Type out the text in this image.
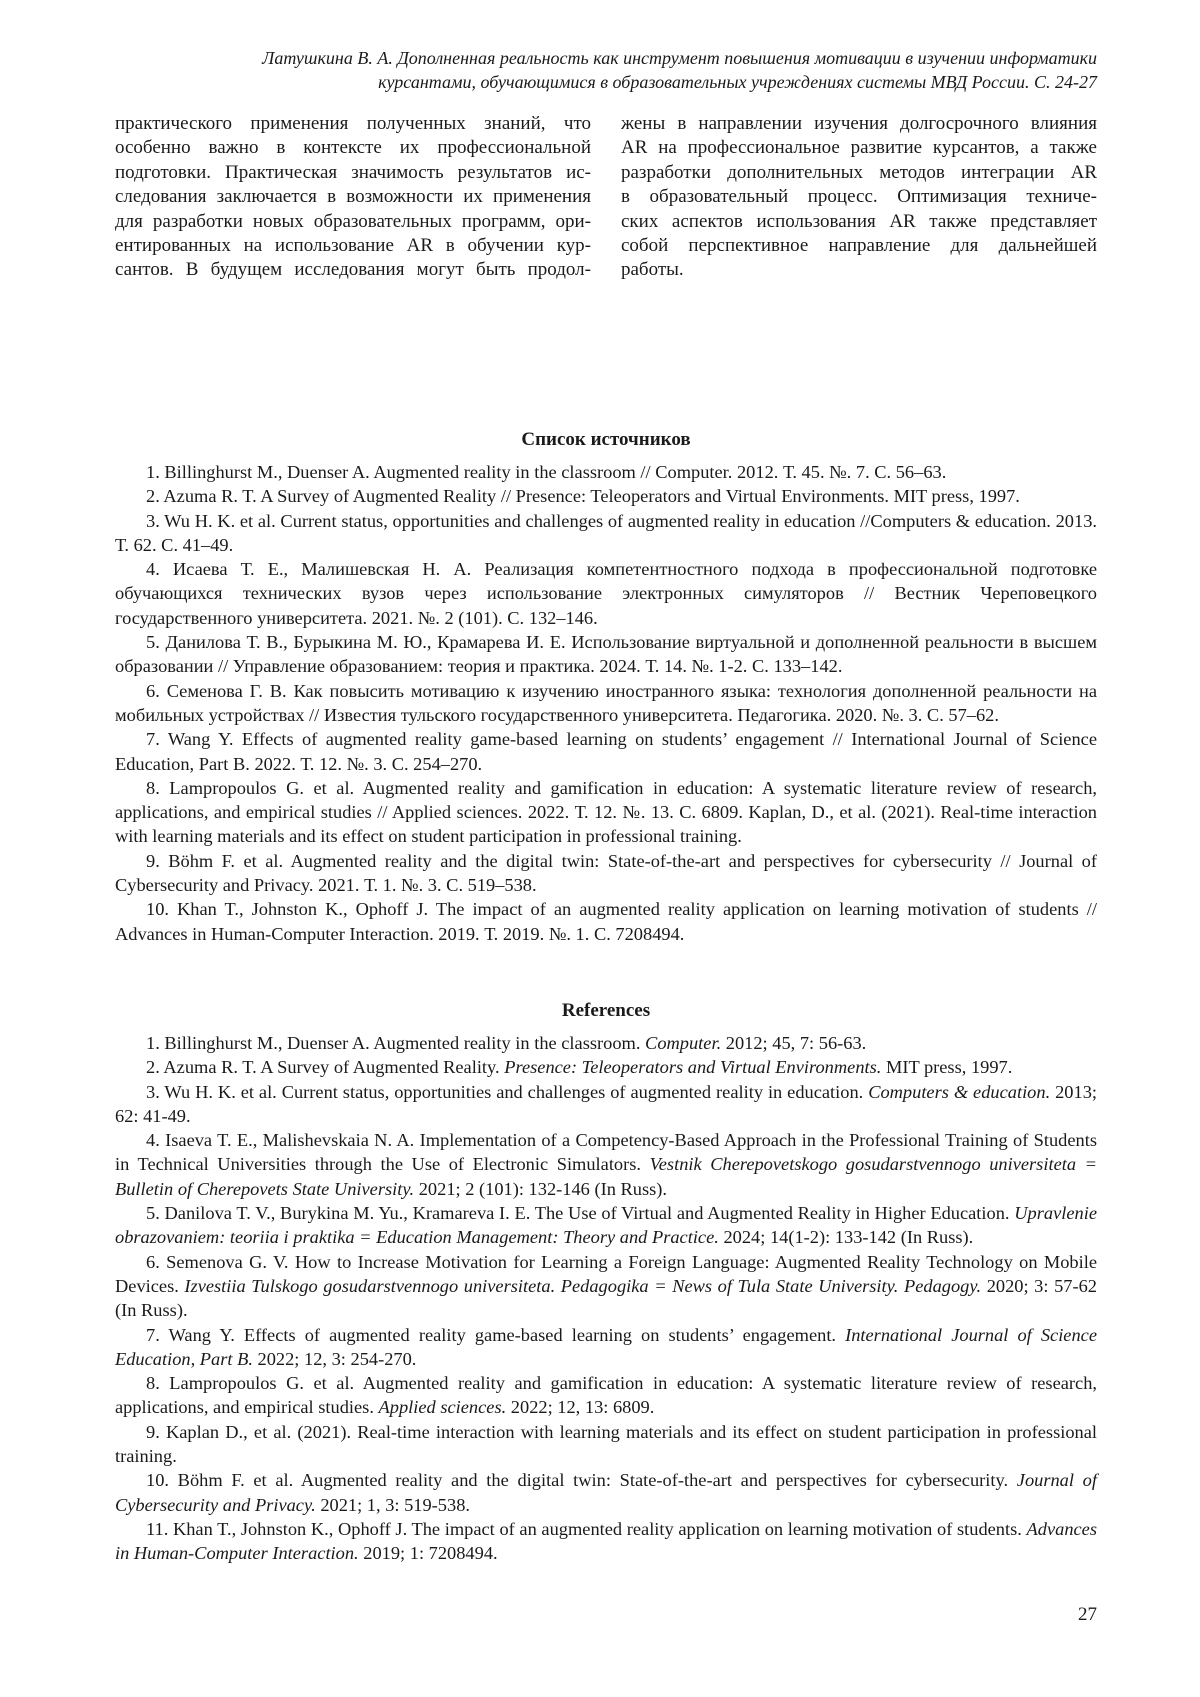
Латушкина В. А. Дополненная реальность как инструмент повышения мотивации в изучении информатики
курсантами, обучающимися в образовательных учреждениях системы МВД России. С. 24-27
практического применения полученных знаний, что
особенно важно в контексте их профессиональной
подготовки. Практическая значимость результатов ис-
следования заключается в возможности их применения
для разработки новых образовательных программ, ори-
ентированных на использование AR в обучении кур-
сантов. В будущем исследования могут быть продол-
жены в направлении изучения долгосрочного влияния
AR на профессиональное развитие курсантов, а также
разработки дополнительных методов интеграции AR
в образовательный процесс. Оптимизация техниче-
ских аспектов использования AR также представляет
собой перспективное направление для дальнейшей
работы.
Список источников

1. Billinghurst M., Duenser A. Augmented reality in the classroom // Computer. 2012. Т. 45. №. 7. С. 56–63.

2. Azuma R. T. A Survey of Augmented Reality // Presence: Teleoperators and Virtual Environments. MIT press, 1997.

3. Wu H. K. et al. Current status, opportunities and challenges of augmented reality in education //Computers & education. 2013. Т. 62. С. 41–49.

4. Исаева Т. Е., Малишевская Н. А. Реализация компетентностного подхода в профессиональной подготовке обучающихся технических вузов через использование электронных симуляторов // Вестник Череповецкого государственного университета. 2021. №. 2 (101). С. 132–146.

5. Данилова Т. В., Бурыкина М. Ю., Крамарева И. Е. Использование виртуальной и дополненной реальности в высшем образовании // Управление образованием: теория и практика. 2024. Т. 14. №. 1-2. С. 133–142.

6. Семенова Г. В. Как повысить мотивацию к изучению иностранного языка: технология дополненной реальности на мобильных устройствах // Известия тульского государственного университета. Педагогика. 2020. №. 3. С. 57–62.

7. Wang Y. Effects of augmented reality game-based learning on students’ engagement // International Journal of Science Education, Part B. 2022. Т. 12. №. 3. С. 254–270.

8. Lampropoulos G. et al. Augmented reality and gamification in education: A systematic literature review of research, applications, and empirical studies // Applied sciences. 2022. Т. 12. №. 13. С. 6809. Kaplan, D., et al. (2021). Real-time interaction with learning materials and its effect on student participation in professional training.

9. Böhm F. et al. Augmented reality and the digital twin: State-of-the-art and perspectives for cybersecurity // Journal of Cybersecurity and Privacy. 2021. Т. 1. №. 3. С. 519–538.

10. Khan T., Johnston K., Ophoff J. The impact of an augmented reality application on learning motivation of students // Advances in Human-Computer Interaction. 2019. Т. 2019. №. 1. С. 7208494.

References

1. Billinghurst M., Duenser A. Augmented reality in the classroom. Computer. 2012; 45, 7: 56-63.

2. Azuma R. T. A Survey of Augmented Reality. Presence: Teleoperators and Virtual Environments. MIT press, 1997.

3. Wu H. K. et al. Current status, opportunities and challenges of augmented reality in education. Computers & education. 2013; 62: 41-49.

4. Isaeva T. E., Malishevskaia N. A. Implementation of a Competency-Based Approach in the Professional Training of Students in Technical Universities through the Use of Electronic Simulators. Vestnik Cherepovetskogo gosudarstvennogo universiteta = Bulletin of Cherepovets State University. 2021; 2 (101): 132-146 (In Russ).

5. Danilova T. V., Burykina M. Yu., Kramareva I. E. The Use of Virtual and Augmented Reality in Higher Education. Upravlenie obrazovaniem: teoriia i praktika = Education Management: Theory and Practice. 2024; 14(1-2): 133-142 (In Russ).

6. Semenova G. V. How to Increase Motivation for Learning a Foreign Language: Augmented Reality Technology on Mobile Devices. Izvestiia Tulskogo gosudarstvennogo universiteta. Pedagogika = News of Tula State University. Pedagogy. 2020; 3: 57-62 (In Russ).

7. Wang Y. Effects of augmented reality game-based learning on students’ engagement. International Journal of Science Education, Part B. 2022; 12, 3: 254-270.

8. Lampropoulos G. et al. Augmented reality and gamification in education: A systematic literature review of research, applications, and empirical studies. Applied sciences. 2022; 12, 13: 6809.

9. Kaplan D., et al. (2021). Real-time interaction with learning materials and its effect on student participation in professional training.

10. Böhm F. et al. Augmented reality and the digital twin: State-of-the-art and perspectives for cybersecurity. Journal of Cybersecurity and Privacy. 2021; 1, 3: 519-538.

11. Khan T., Johnston K., Ophoff J. The impact of an augmented reality application on learning motivation of students. Advances in Human-Computer Interaction. 2019; 1: 7208494.

27
